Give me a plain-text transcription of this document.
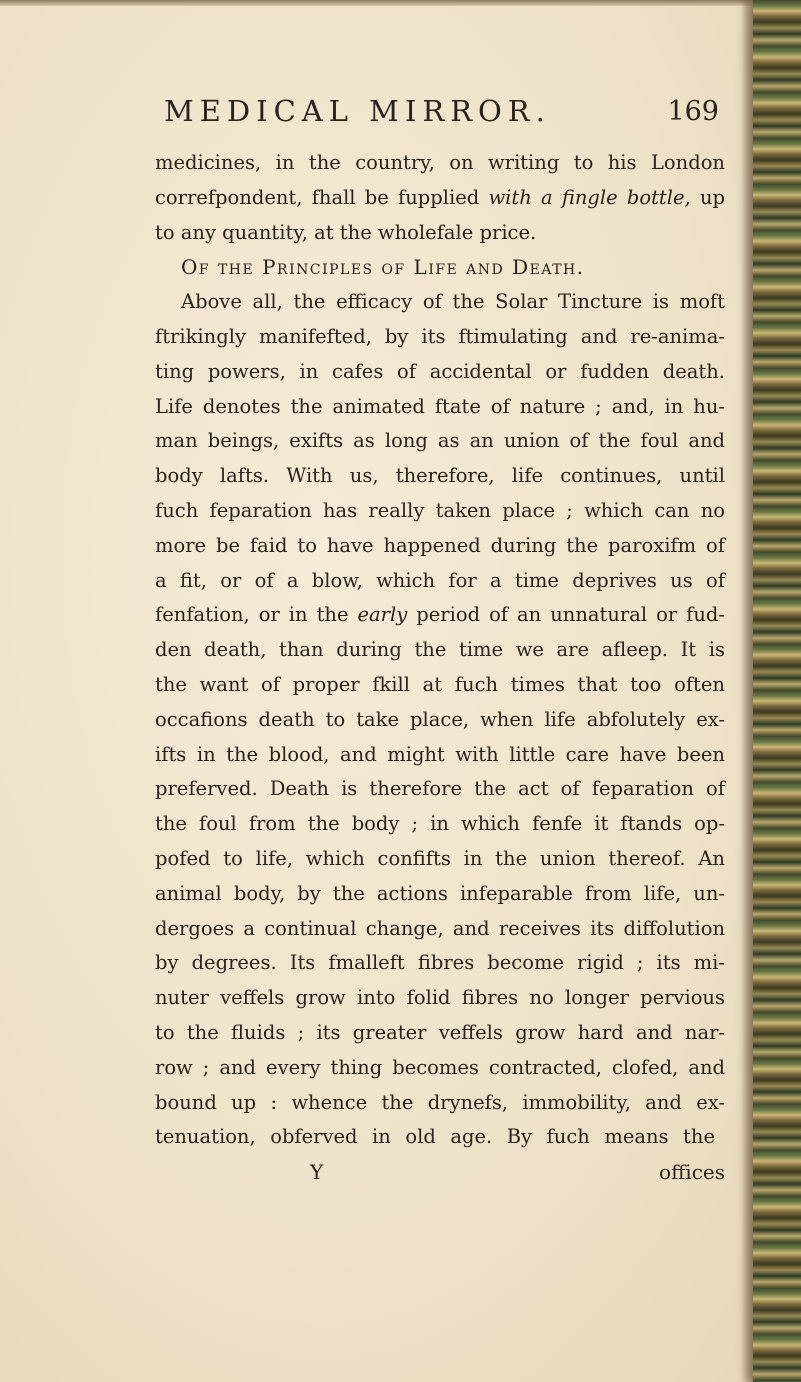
MEDICAL MIRROR.	169
medicines, in the country, on writing to his London
correfpondent, fhall be fupplied with a fingle bottle, up
to any quantity, at the wholefale price.
Of the Principles of Life and Death.
Above all, the efficacy of the Solar Tincture is moft
ftrikingly manifefted, by its ftimulating and re-anima-
ting powers, in cafes of accidental or fudden death.
Life denotes the animated ftate of nature ; and, in hu-
man beings, exifts as long as an union of the foul and
body lafts. With us, therefore, life continues, until
fuch feparation has really taken place ; which can no
more be faid to have happened during the paroxifm of
a fit, or of a blow, which for a time deprives us of
fenfation, or in the early period of an unnatural or fud-
den death, than during the time we are afleep. It is
the want of proper fkill at fuch times that too often
occafions death to take place, when life abfolutely ex-
ifts in the blood, and might with little care have been
preferved. Death is therefore the act of feparation of
the foul from the body ; in which fenfe it ftands op-
pofed to life, which confifts in the union thereof. An
animal body, by the actions infeparable from life, un-
dergoes a continual change, and receives its diffolution
by degrees. Its fmalleft fibres become rigid ; its mi-
nuter veffels grow into folid fibres no longer pervious
to the fluids ; its greater veffels grow hard and nar-
row ; and every thing becomes contracted, clofed, and
bound up : whence the drynefs, immobility, and ex-
tenuation, obferved in old age. By fuch means the
Y	offices
